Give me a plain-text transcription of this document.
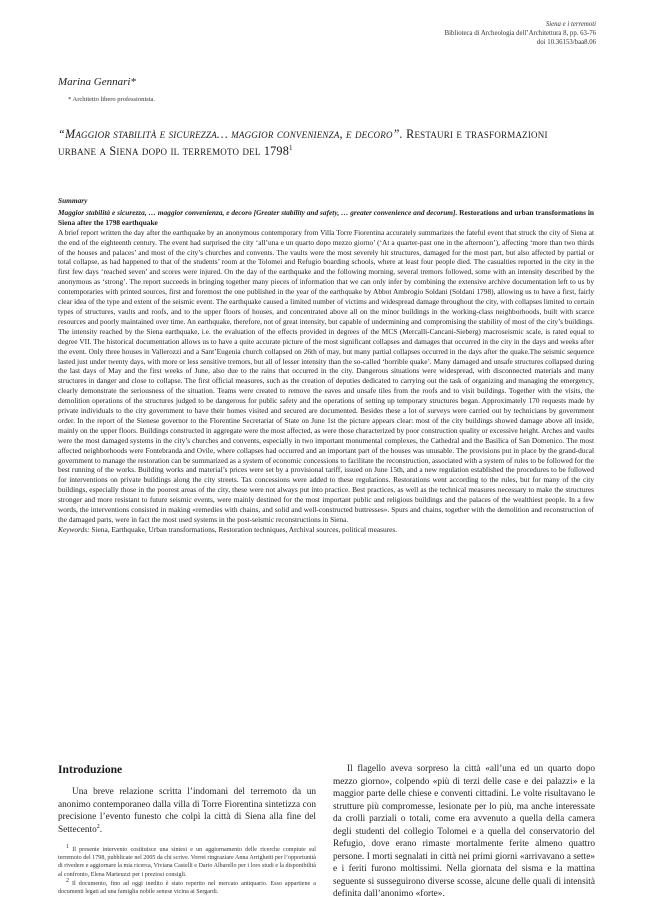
Siena e i terremoti
Biblioteca di Archeologia dell’Architettura 8, pp. 63-76
doi 10.36153/baa8.06
Marina Gennari*
* Architetto libero professionista.
“Maggior stabilità e sicurezza… maggior convenienza, e decoro”. Restauri e trasformazioni urbane a Siena dopo il terremoto del 1798$^1$
Summary
Maggior stabilità e sicurezza, … maggior convenienza, e decoro [Greater stability and safety, … greater convenience and decorum]. Restorations and urban transformations in Siena after the 1798 earthquake
A brief report written the day after the earthquake by an anonymous contemporary from Villa Torre Fiorentina accurately summarizes the fateful event that struck the city of Siena at the end of the eighteenth century. The event had surprised the city ‘all’una e un quarto dopo mezzo giorno’ (‘At a quarter-past one in the afternoon’), affecting ‘more than two thirds of the houses and palaces’ and most of the city’s churches and convents. The vaults were the most severely hit structures, damaged for the most part, but also affected by partial or total collapse, as had happened to that of the students’ room at the Tolomei and Refugio boarding schools, where at least four people died. The casualties reported in the city in the first few days ‘reached seven’ and scores were injured. On the day of the earthquake and the following morning, several tremors followed, some with an intensity described by the anonymous as ‘strong’. The report succeeds in bringing together many pieces of information that we can only infer by combining the extensive archive documentation left to us by contemporaries with printed sources, first and foremost the one published in the year of the earthquake by Abbot Ambrogio Soldani (Soldani 1798), allowing us to have a first, fairly clear idea of the type and extent of the seismic event. The earthquake caused a limited number of victims and widespread damage throughout the city, with collapses limited to certain types of structures, vaults and roofs, and to the upper floors of houses, and concentrated above all on the minor buildings in the working-class neighborhoods, built with scarce resources and poorly maintained over time. An earthquake, therefore, not of great intensity, but capable of undermining and compromising the stability of most of the city’s buildings. The intensity reached by the Siena earthquake, i.e. the evaluation of the effects provided in degrees of the MCS (Mercalli-Cancani-Sieberg) macroseismic scale, is rated equal to degree VII. The historical documentation allows us to have a quite accurate picture of the most significant collapses and damages that occurred in the city in the days and weeks after the event. Only three houses in Vallerozzi and a Sant’Eugenia church collapsed on 26th of may, but many partial collapses occurred in the days after the quake.The seismic sequence lasted just under twenty days, with more or less sensitive tremors, but all of lesser intensity than the so-called ‘horrible quake’. Many damaged and unsafe structures collapsed during the last days of May and the first weeks of June, also due to the rains that occurred in the city. Dangerous situations were widespread, with disconnected materials and many structures in danger and close to collapse. The first official measures, such as the creation of deputies dedicated to carrying out the task of organizing and managing the emergency, clearly demonstrate the seriousness of the situation. Teams were created to remove the eaves and unsafe tiles from the roofs and to visit buildings. Together with the visits, the demolition operations of the structures judged to be dangerous for public safety and the operations of setting up temporary structures began. Approximately 170 requests made by private individuals to the city government to have their homes visited and secured are documented. Besides these a lot of surveys were carried out by technicians by government order. In the report of the Sienese governor to the Florentine Secretariat of State on June 1st the picture appears clear: most of the city buildings showed damage above all inside, mainly on the upper floors. Buildings constructed in aggregate were the most affected, as were those characterized by poor construction quality or excessive height. Arches and vaults were the most damaged systems in the city’s churches and convents, especially in two important monumental complexes, the Cathedral and the Basilica of San Domenico. The most affected neighborhoods were Fontebranda and Ovile, where collapses had occurred and an important part of the houses was unusable. The provisions put in place by the grand-ducal government to manage the restoration can be summarized as a system of economic concessions to facilitate the reconstruction, associated with a system of rules to be followed for the best running of the works. Building works and material’s prices were set by a provisional tariff, issued on June 15th, and a new regulation established the procedures to be followed for interventions on private buildings along the city streets. Tax concessions were added to these regulations. Restorations went according to the rules, but for many of the city buildings, especially those in the poorest areas of the city, these were not always put into practice. Best practices, as well as the technical measures necessary to make the structures stronger and more resistant to future seismic events, were mainly destined for the most important public and religious buildings and the palaces of the wealthiest people. In a few words, the interventions consisted in making «remedies with chains, and solid and well-constructed buttresses». Spurs and chains, together with the demolition and reconstruction of the damaged parts, were in fact the most used systems in the post-seismic reconstructions in Siena.
Keywords: Siena, Earthquake, Urban transformations, Restoration techniques, Archival sources, political measures.
Introduzione

Una breve relazione scritta l’indomani del terremoto da un anonimo contemporaneo dalla villa di Torre Fiorentina sintetizza con precisione l’evento funesto che colpì la città di Siena alla fine del Settecento$^2$.

$^1$ Il presente intervento costituisce una sintesi e un aggiornamento delle ricerche compiute sul terremoto del 1798, pubblicate nel 2005 da chi scrive. Vorrei ringraziare Anna Arrighetti per l’opportunità di rivedere e aggiornare la mia ricerca, Viviana Castelli e Dario Albarello per i loro studi e la disponibilità al confronto, Elena Marteuzzi per i preziosi consigli.

$^2$ Il documento, fino ad oggi inedito è stato reperito nel mercato antiquario. Esso appartiene a documenti legati ad una famiglia nobile senese vicina ai Sergardi.

Il flagello aveva sorpreso la città «all’una ed un quarto dopo mezzo giorno», colpendo «più di terzi delle case e dei palazzi» e la maggior parte delle chiese e conventi cittadini. Le volte risultavano le strutture più compromesse, lesionate per lo più, ma anche interessate da crolli parziali o totali, come era avvenuto a quella della camera degli studenti del collegio Tolomei e a quella del conservatorio del Refugio, dove erano rimaste mortalmente ferite almeno quattro persone. I morti segnalati in città nei primi giorni «arrivavano a sette» e i feriti furono moltissimi. Nella giornata del sisma e la mattina seguente si susseguirono diverse scosse, alcune delle quali di intensità definita dall’anonimo «forte».
